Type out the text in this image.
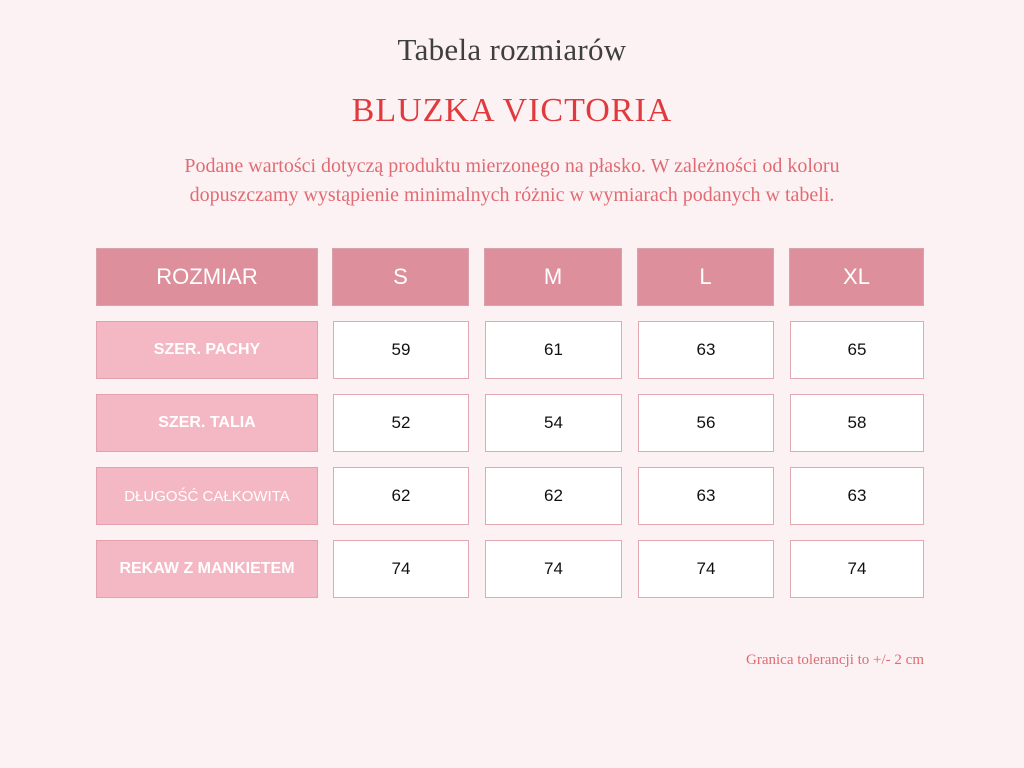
Tabela rozmiarów
BLUZKA VICTORIA
Podane wartości dotyczą produktu mierzonego na płasko. W zależności od koloru
dopuszczamy wystąpienie minimalnych różnic w wymiarach podanych w tabeli.
ROZMIAR	S	M	L	XL
SZER. PACHY	59	61	63	65
SZER. TALIA	52	54	56	58
DŁUGOŚĆ CAŁKOWITA	62	62	63	63
REKAW Z MANKIETEM	74	74	74	74
Granica tolerancji to +/- 2 cm
